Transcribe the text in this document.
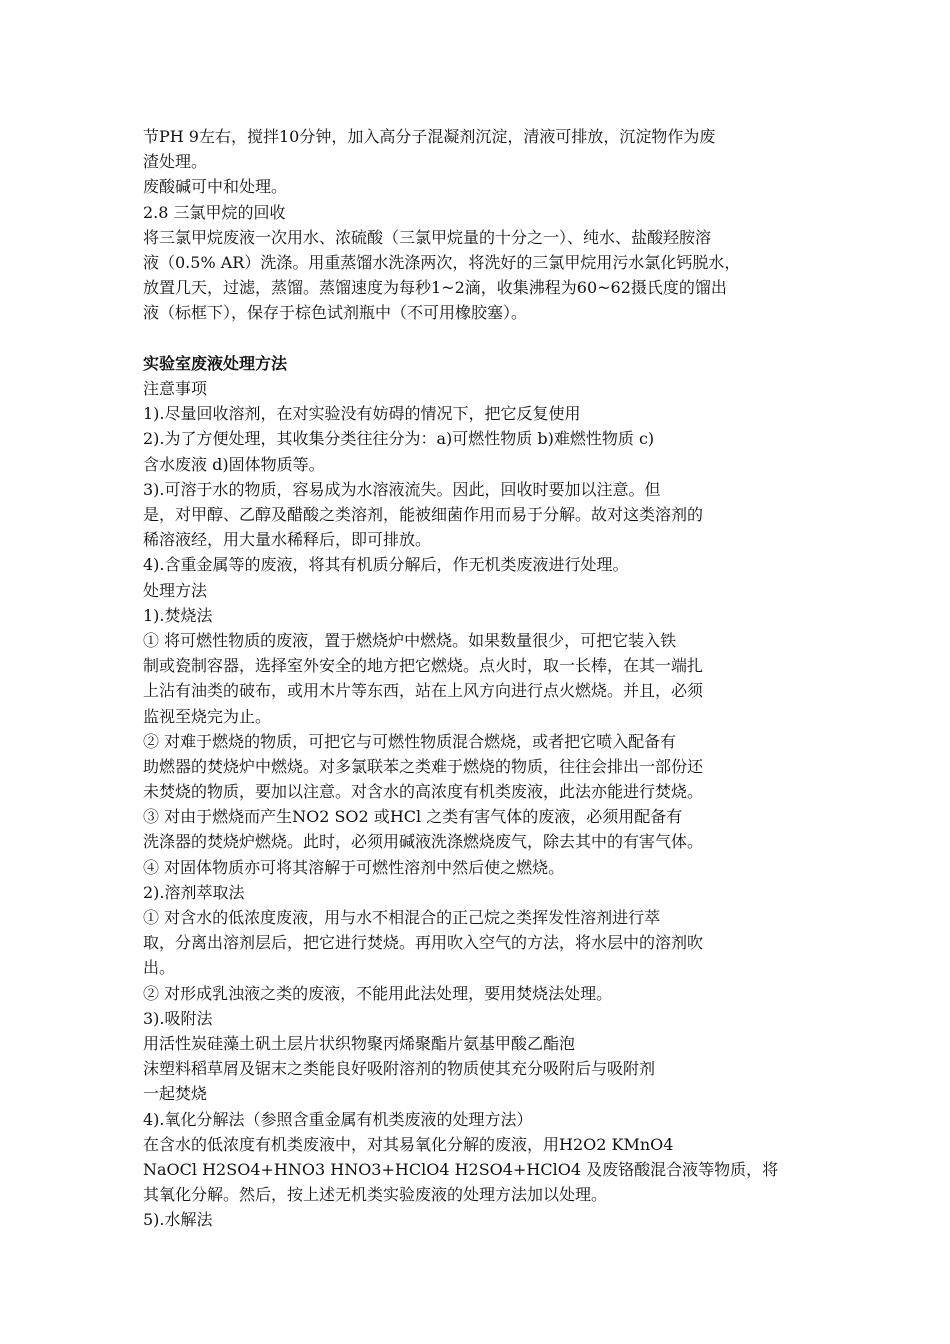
节PH 9左右，搅拌10分钟，加入高分子混凝剂沉淀，清液可排放，沉淀物作为废
渣处理。
废酸碱可中和处理。
2.8 三氯甲烷的回收
将三氯甲烷废液一次用水、浓硫酸（三氯甲烷量的十分之一）、纯水、盐酸羟胺溶
液（0.5% AR）洗涤。用重蒸馏水洗涤两次，将洗好的三氯甲烷用污水氯化钙脱水，
放置几天，过滤，蒸馏。蒸馏速度为每秒1~2滴，收集沸程为60~62摄氏度的馏出
液（标框下），保存于棕色试剂瓶中（不可用橡胶塞）。
实验室废液处理方法
注意事项
1).尽量回收溶剂，在对实验没有妨碍的情况下，把它反复使用
2).为了方便处理，其收集分类往往分为：a)可燃性物质 b)难燃性物质 c)
含水废液 d)固体物质等。
3).可溶于水的物质，容易成为水溶液流失。因此，回收时要加以注意。但
是，对甲醇、乙醇及醋酸之类溶剂，能被细菌作用而易于分解。故对这类溶剂的
稀溶液经，用大量水稀释后，即可排放。
4).含重金属等的废液，将其有机质分解后，作无机类废液进行处理。
处理方法
1).焚烧法
① 将可燃性物质的废液，置于燃烧炉中燃烧。如果数量很少，可把它装入铁
制或瓷制容器，选择室外安全的地方把它燃烧。点火时，取一长棒，在其一端扎
上沾有油类的破布，或用木片等东西，站在上风方向进行点火燃烧。并且，必须
监视至烧完为止。
② 对难于燃烧的物质，可把它与可燃性物质混合燃烧，或者把它喷入配备有
助燃器的焚烧炉中燃烧。对多氯联苯之类难于燃烧的物质，往往会排出一部份还
未焚烧的物质，要加以注意。对含水的高浓度有机类废液，此法亦能进行焚烧。
③ 对由于燃烧而产生NO2 SO2 或HCl 之类有害气体的废液，必须用配备有
洗涤器的焚烧炉燃烧。此时，必须用碱液洗涤燃烧废气，除去其中的有害气体。
④ 对固体物质亦可将其溶解于可燃性溶剂中然后使之燃烧。
2).溶剂萃取法
① 对含水的低浓度废液，用与水不相混合的正己烷之类挥发性溶剂进行萃
取，分离出溶剂层后，把它进行焚烧。再用吹入空气的方法，将水层中的溶剂吹
出。
② 对形成乳浊液之类的废液，不能用此法处理，要用焚烧法处理。
3).吸附法
用活性炭硅藻土矾土层片状织物聚丙烯聚酯片氨基甲酸乙酯泡
沫塑料稻草屑及锯末之类能良好吸附溶剂的物质使其充分吸附后与吸附剂
一起焚烧
4).氧化分解法（参照含重金属有机类废液的处理方法）
在含水的低浓度有机类废液中，对其易氧化分解的废液，用H2O2 KMnO4
NaOCl H2SO4+HNO3 HNO3+HClO4 H2SO4+HClO4 及废铬酸混合液等物质，将
其氧化分解。然后，按上述无机类实验废液的处理方法加以处理。
5).水解法
